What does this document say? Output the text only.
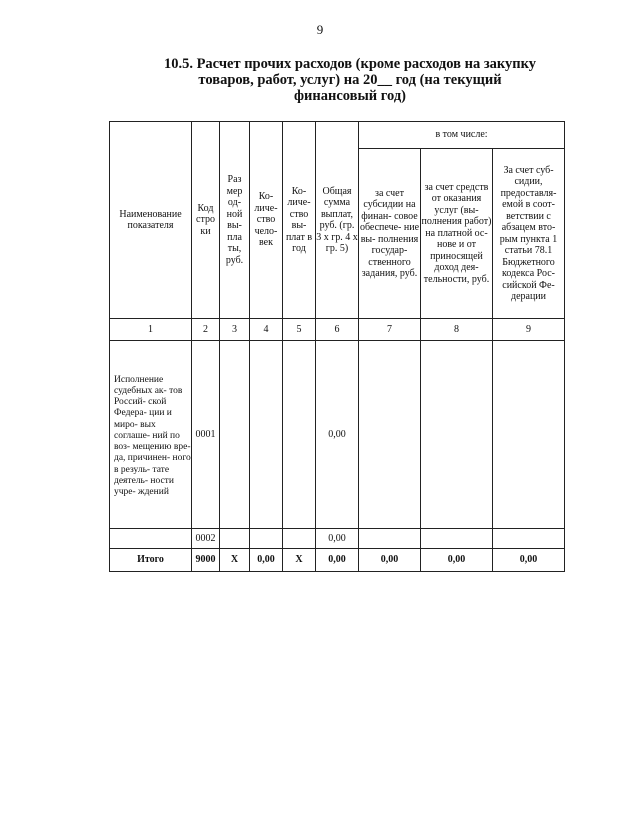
9
10.5. Расчет прочих расходов (кроме расходов на закупку
товаров, работ, услуг) на 20__ год (на текущий
финансовый год)
Наименование показателя	Код стро ки	Раз мер од- ной вы- пла ты, руб.	Ко- личе- ство чело- век	Ко- личе- ство вы- плат в год	Общая сумма выплат, руб. (гр. 3 х гр. 4 х гр. 5)	в том числе:		
						за счет субсидии на финан- совое обеспече- ние вы- полнения государ- ственного задания, руб.	за счет средств от оказания услуг (вы- полнения работ) на платной ос- нове и от приносящей доход дея- тельности, руб.	За счет суб- сидии, предоставля- емой в соот- ветствии с абзацем вто- рым пункта 1 статьи 78.1 Бюджетного кодекса Рос- сийской Фе- дерации
1	2	3	4	5	6	7	8	9
Исполнение судебных ак- тов Россий- ской Федера- ции и миро- вых соглаше- ний по воз- мещению вре- да, причинен- ного в резуль- тате деятель- ности учре- ждений	0001				0,00			
	0002				0,00			
Итого	9000	X	0,00	X	0,00	0,00	0,00	0,00
